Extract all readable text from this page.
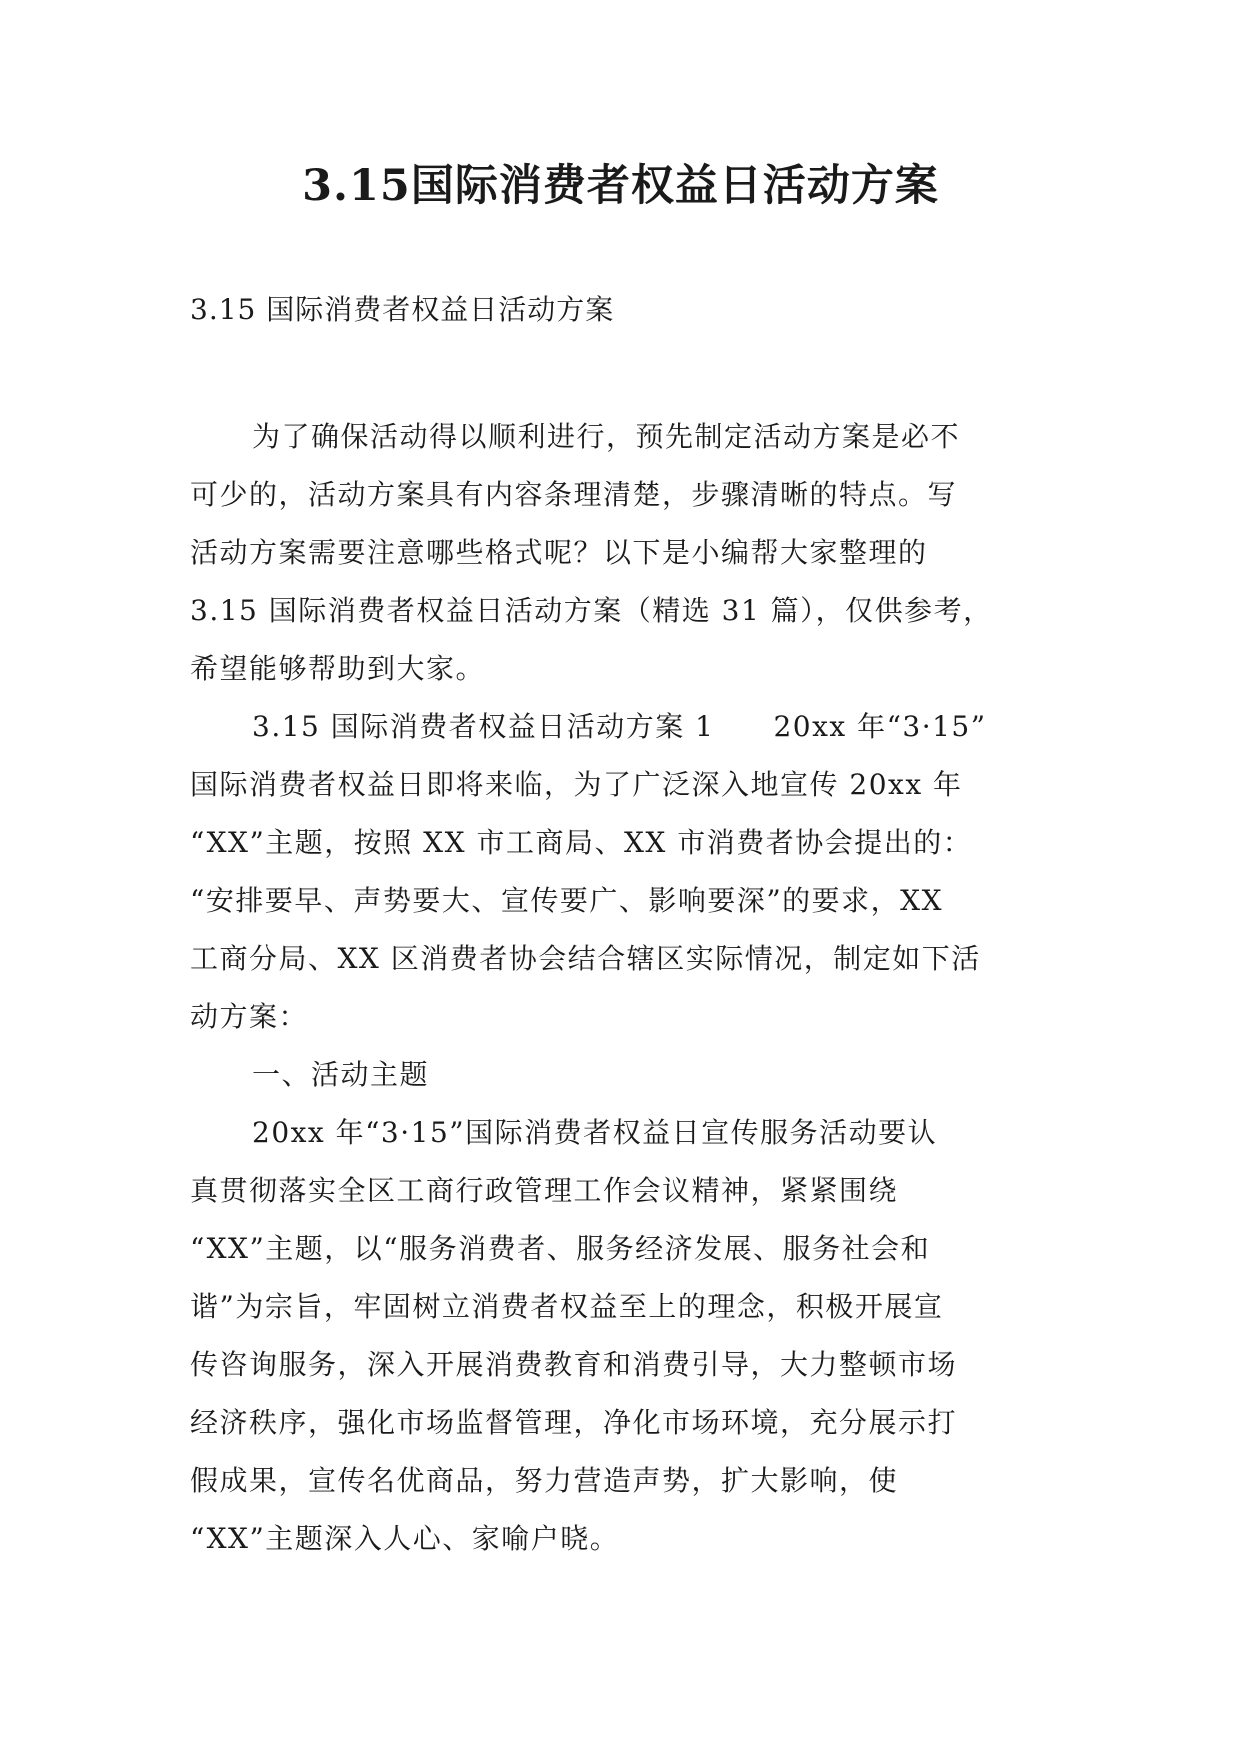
3.15国际消费者权益日活动方案
3.15 国际消费者权益日活动方案
为了确保活动得以顺利进行，预先制定活动方案是必不
可少的，活动方案具有内容条理清楚，步骤清晰的特点。写
活动方案需要注意哪些格式呢？以下是小编帮大家整理的
3.15 国际消费者权益日活动方案（精选 31 篇），仅供参考，
希望能够帮助到大家。
3.15 国际消费者权益日活动方案 1　　20xx 年“3·15”
国际消费者权益日即将来临，为了广泛深入地宣传 20xx 年
“XX”主题，按照 XX 市工商局、XX 市消费者协会提出的：
“安排要早、声势要大、宣传要广、影响要深”的要求，XX
工商分局、XX 区消费者协会结合辖区实际情况，制定如下活
动方案：
一、活动主题
20xx 年“3·15”国际消费者权益日宣传服务活动要认
真贯彻落实全区工商行政管理工作会议精神，紧紧围绕
“XX”主题，以“服务消费者、服务经济发展、服务社会和
谐”为宗旨，牢固树立消费者权益至上的理念，积极开展宣
传咨询服务，深入开展消费教育和消费引导，大力整顿市场
经济秩序，强化市场监督管理，净化市场环境，充分展示打
假成果，宣传名优商品，努力营造声势，扩大影响，使
“XX”主题深入人心、家喻户晓。
